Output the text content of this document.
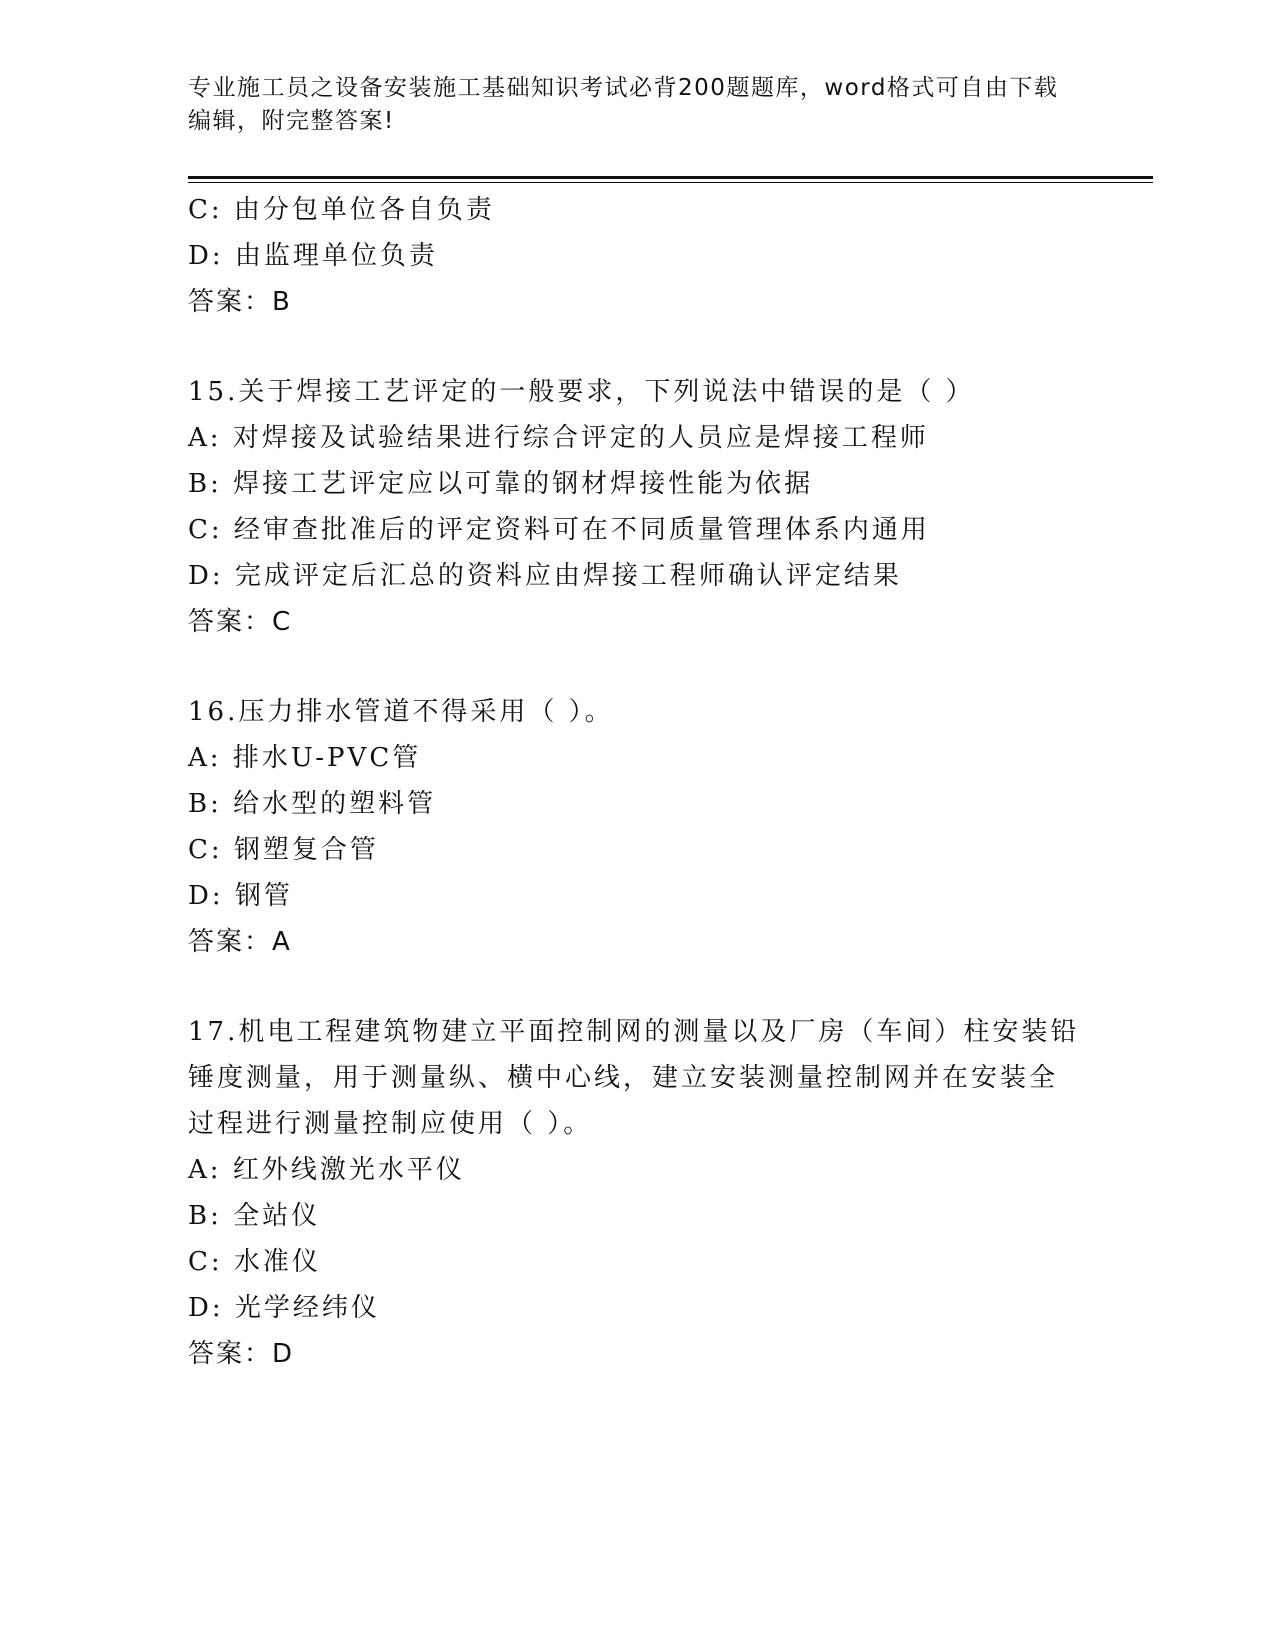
专业施工员之设备安装施工基础知识考试必背200题题库，word格式可自由下载
编辑，附完整答案!
C: 由分包单位各自负责
D: 由监理单位负责
答案：B
15.关于焊接工艺评定的一般要求，下列说法中错误的是（ ）
A: 对焊接及试验结果进行综合评定的人员应是焊接工程师
B: 焊接工艺评定应以可靠的钢材焊接性能为依据
C: 经审查批准后的评定资料可在不同质量管理体系内通用
D: 完成评定后汇总的资料应由焊接工程师确认评定结果
答案：C
16.压力排水管道不得采用（ ）。
A: 排水U-PVC管
B: 给水型的塑料管
C: 钢塑复合管
D: 钢管
答案：A
17.机电工程建筑物建立平面控制网的测量以及厂房（车间）柱安装铅
锤度测量，用于测量纵、横中心线，建立安装测量控制网并在安装全
过程进行测量控制应使用（ ）。
A: 红外线激光水平仪
B: 全站仪
C: 水准仪
D: 光学经纬仪
答案：D
